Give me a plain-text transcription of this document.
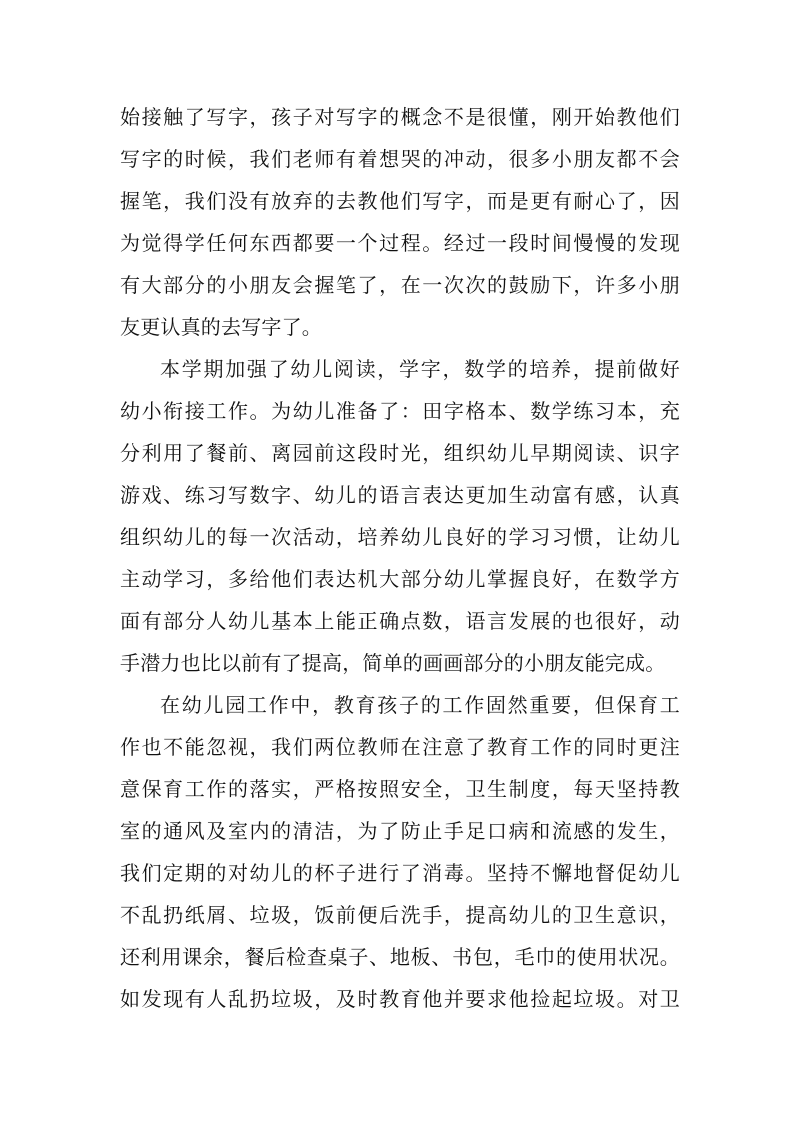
始接触了写字，孩子对写字的概念不是很懂，刚开始教他们
写字的时候，我们老师有着想哭的冲动，很多小朋友都不会
握笔，我们没有放弃的去教他们写字，而是更有耐心了，因
为觉得学任何东西都要一个过程。经过一段时间慢慢的发现
有大部分的小朋友会握笔了，在一次次的鼓励下，许多小朋
友更认真的去写字了。
本学期加强了幼儿阅读，学字，数学的培养，提前做好
幼小衔接工作。为幼儿准备了：田字格本、数学练习本，充
分利用了餐前、离园前这段时光，组织幼儿早期阅读、识字
游戏、练习写数字、幼儿的语言表达更加生动富有感，认真
组织幼儿的每一次活动，培养幼儿良好的学习习惯，让幼儿
主动学习，多给他们表达机大部分幼儿掌握良好，在数学方
面有部分人幼儿基本上能正确点数，语言发展的也很好，动
手潜力也比以前有了提高，简单的画画部分的小朋友能完成。
在幼儿园工作中，教育孩子的工作固然重要，但保育工
作也不能忽视，我们两位教师在注意了教育工作的同时更注
意保育工作的落实，严格按照安全，卫生制度，每天坚持教
室的通风及室内的清洁，为了防止手足口病和流感的发生，
我们定期的对幼儿的杯子进行了消毒。坚持不懈地督促幼儿
不乱扔纸屑、垃圾，饭前便后洗手，提高幼儿的卫生意识，
还利用课余，餐后检查桌子、地板、书包，毛巾的使用状况。
如发现有人乱扔垃圾，及时教育他并要求他捡起垃圾。对卫
